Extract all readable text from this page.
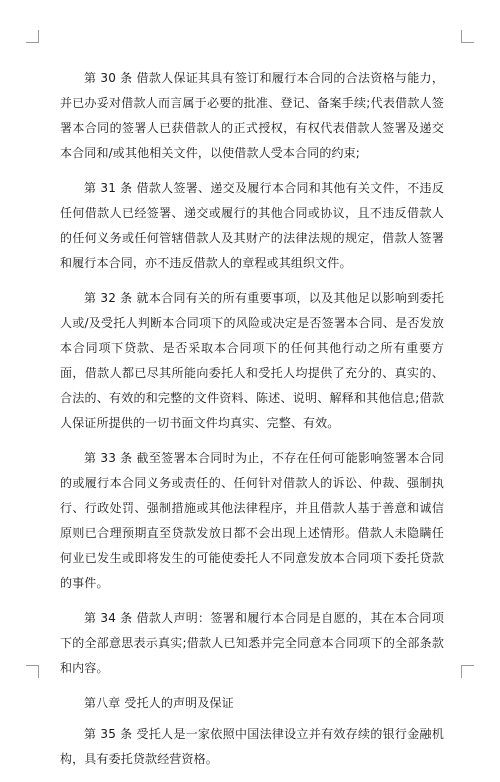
第 30 条 借款人保证其具有签订和履行本合同的合法资格与能力，并已办妥对借款人而言属于必要的批准、登记、备案手续;代表借款人签署本合同的签署人已获借款人的正式授权，有权代表借款人签署及递交本合同和/或其他相关文件，以使借款人受本合同的约束;

第 31 条 借款人签署、递交及履行本合同和其他有关文件，不违反任何借款人已经签署、递交或履行的其他合同或协议，且不违反借款人的任何义务或任何管辖借款人及其财产的法律法规的规定，借款人签署和履行本合同，亦不违反借款人的章程或其组织文件。

第 32 条 就本合同有关的所有重要事项，以及其他足以影响到委托人或/及受托人判断本合同项下的风险或决定是否签署本合同、是否发放本合同项下贷款、是否采取本合同项下的任何其他行动之所有重要方面，借款人都已尽其所能向委托人和受托人均提供了充分的、真实的、合法的、有效的和完整的文件资料、陈述、说明、解释和其他信息;借款人保证所提供的一切书面文件均真实、完整、有效。

第 33 条 截至签署本合同时为止，不存在任何可能影响签署本合同的或履行本合同义务或责任的、任何针对借款人的诉讼、仲裁、强制执行、行政处罚、强制措施或其他法律程序，并且借款人基于善意和诚信原则已合理预期直至贷款发放日都不会出现上述情形。借款人未隐瞒任何业已发生或即将发生的可能使委托人不同意发放本合同项下委托贷款的事件。

第 34 条 借款人声明：签署和履行本合同是自愿的，其在本合同项下的全部意思表示真实;借款人已知悉并完全同意本合同项下的全部条款和内容。

第八章 受托人的声明及保证

第 35 条 受托人是一家依照中国法律设立并有效存续的银行金融机构，具有委托贷款经营资格。
